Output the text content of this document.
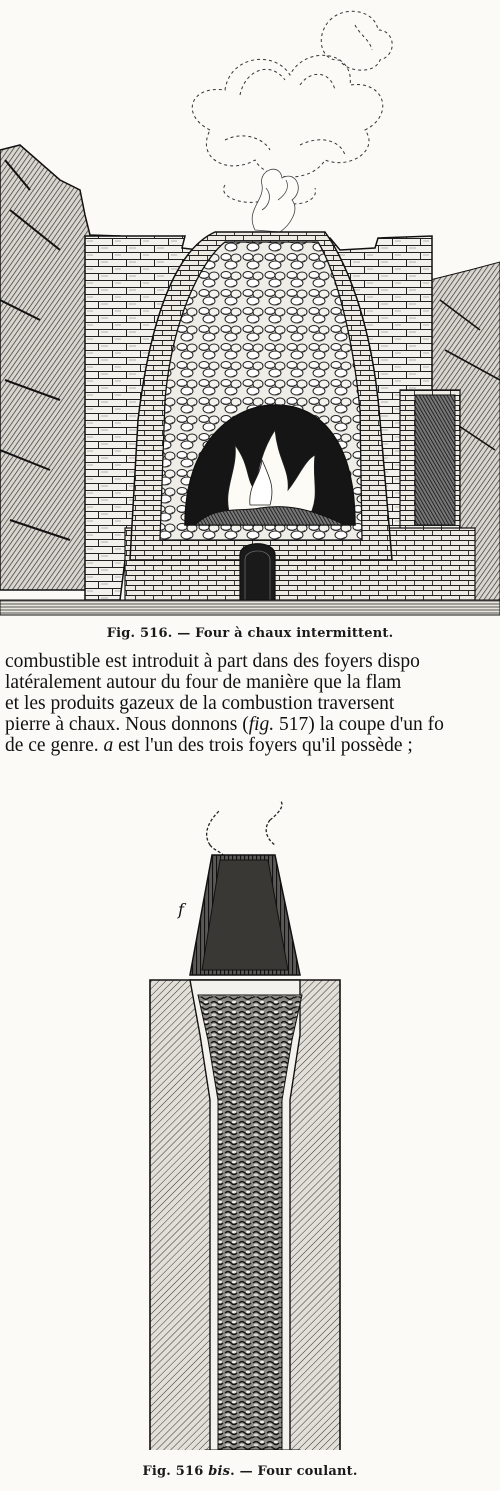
Fig. 516. — Four à chaux intermittent.
combustible est introduit à part dans des foyers dispo
latéralement autour du four de manière que la flam
et les produits gazeux de la combustion traversent
pierre à chaux. Nous donnons (fig. 517) la coupe d'un fo
de ce genre. a est l'un des trois foyers qu'il possède ;
f
Fig. 516 bis. — Four coulant.
